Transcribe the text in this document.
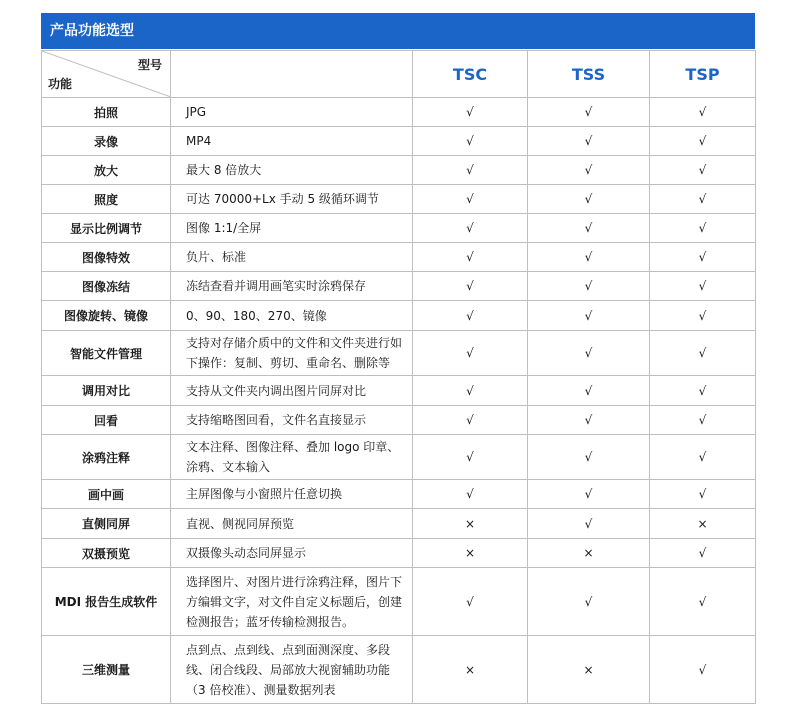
产品功能选型
型号
功能		TSC	TSS	TSP
拍照	JPG	√	√	√
录像	MP4	√	√	√
放大	最大 8 倍放大	√	√	√
照度	可达 70000+Lx 手动 5 级循环调节	√	√	√
显示比例调节	图像 1:1/全屏	√	√	√
图像特效	负片、标准	√	√	√
图像冻结	冻结查看并调用画笔实时涂鸦保存	√	√	√
图像旋转、镜像	0、90、180、270、镜像	√	√	√
智能文件管理	支持对存储介质中的文件和文件夹进行如下操作：复制、剪切、重命名、删除等	√	√	√
调用对比	支持从文件夹内调出图片同屏对比	√	√	√
回看	支持缩略图回看，文件名直接显示	√	√	√
涂鸦注释	文本注释、图像注释、叠加 logo 印章、涂鸦、文本输入	√	√	√
画中画	主屏图像与小窗照片任意切换	√	√	√
直侧同屏	直视、侧视同屏预览	×	√	×
双摄预览	双摄像头动态同屏显示	×	×	√
MDI 报告生成软件	选择图片、对图片进行涂鸦注释，图片下方编辑文字，对文件自定义标题后，创建检测报告；蓝牙传输检测报告。	√	√	√
三维测量	点到点、点到线、点到面测深度、多段线、闭合线段、局部放大视窗辅助功能（3 倍校准）、测量数据列表	×	×	√
